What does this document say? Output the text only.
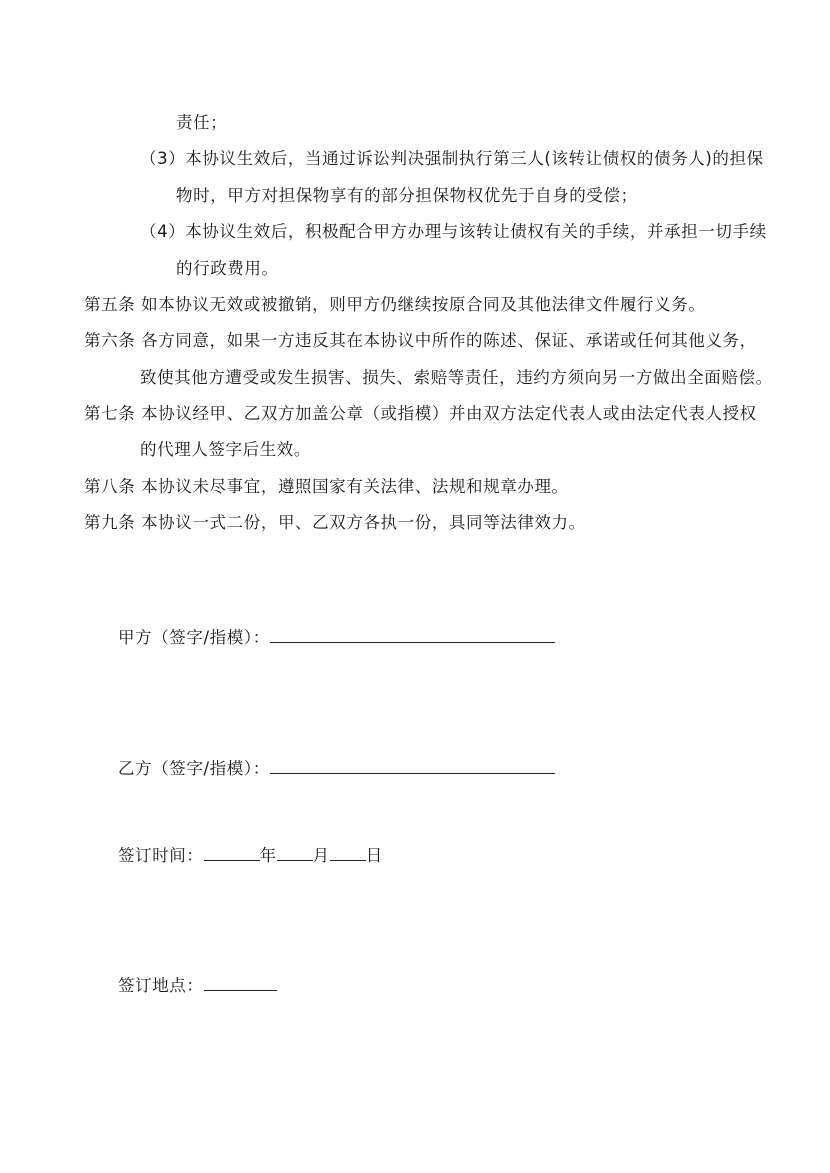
责任；
（3）本协议生效后，当通过诉讼判决强制执行第三人(该转让债权的债务人)的担保
物时，甲方对担保物享有的部分担保物权优先于自身的受偿；
（4）本协议生效后，积极配合甲方办理与该转让债权有关的手续，并承担一切手续
的行政费用。
第五条 如本协议无效或被撤销，则甲方仍继续按原合同及其他法律文件履行义务。
第六条 各方同意，如果一方违反其在本协议中所作的陈述、保证、承诺或任何其他义务，
致使其他方遭受或发生损害、损失、索赔等责任，违约方须向另一方做出全面赔偿。
第七条 本协议经甲、乙双方加盖公章（或指模）并由双方法定代表人或由法定代表人授权
的代理人签字后生效。
第八条 本协议未尽事宜，遵照国家有关法律、法规和规章办理。
第九条 本协议一式二份，甲、乙双方各执一份，具同等法律效力。
甲方（签字/指模）：
乙方（签字/指模）：
签订时间：	年 月 日
签订地点：
